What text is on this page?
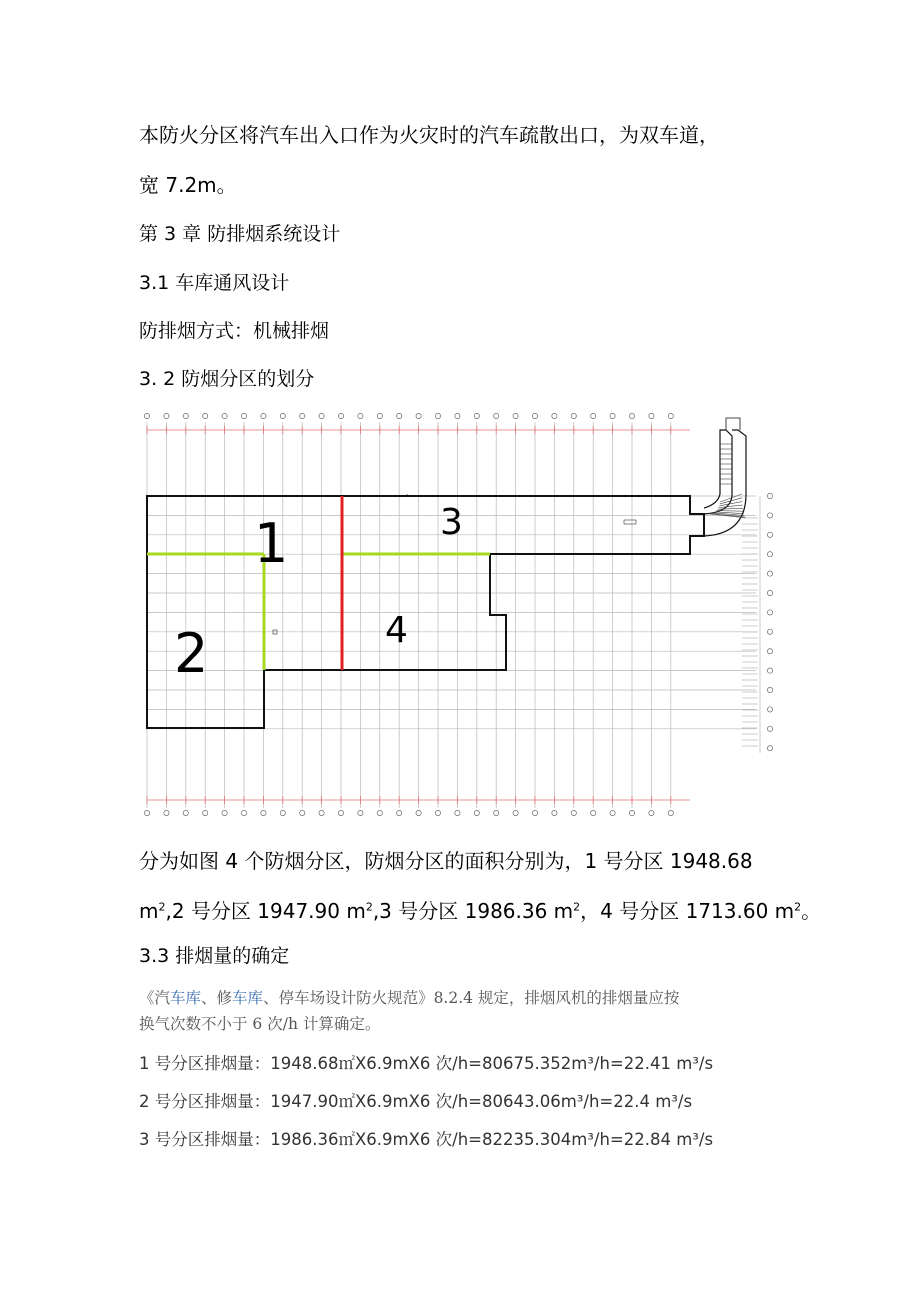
本防火分区将汽车出入口作为火灾时的汽车疏散出口，为双车道，
宽 7.2m。
第 3 章 防排烟系统设计
3.1 车库通风设计
防排烟方式：机械排烟
3. 2 防烟分区的划分
-
1
2
3
4
分为如图 4 个防烟分区，防烟分区的面积分别为，1 号分区 1948.68
$m^2,2$ 号分区 1947.90 $m^2,3$ 号分区 1986.36 $m^2$，4 号分区 1713.60 $m^2$。
3.3 排烟量的确定
《汽车库、修车库、停车场设计防火规范》8.2.4 规定，排烟风机的排烟量应按
换气次数不小于 6 次/h 计算确定。
1 号分区排烟量：1948.68㎡X6.9mX6 次/h=80675.352m³/h=22.41 m³/s
2 号分区排烟量：1947.90㎡X6.9mX6 次/h=80643.06m³/h=22.4 m³/s
3 号分区排烟量：1986.36㎡X6.9mX6 次/h=82235.304m³/h=22.84 m³/s
